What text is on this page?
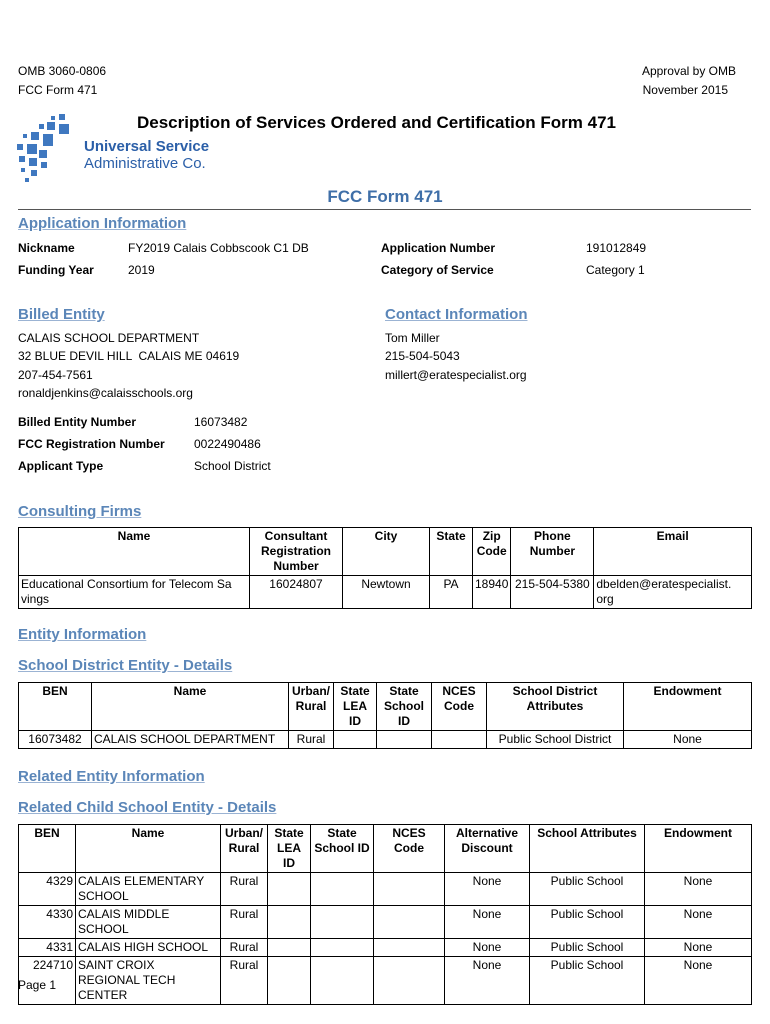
OMB 3060-0806
FCC Form 471
Approval by OMB
November 2015
Universal Service
Administrative Co.
Description of Services Ordered and Certification Form 471
FCC Form 471
Application Information
Nickname	FY2019 Calais Cobbscook C1 DB
Funding Year	2019
Application Number	191012849
Category of Service	Category 1
Billed Entity
CALAIS SCHOOL DEPARTMENT
32 BLUE DEVIL HILL  CALAIS ME 04619
207-454-7561
ronaldjenkins@calaisschools.org
Billed Entity Number	16073482
FCC Registration Number 0022490486
Applicant Type	School District
Contact Information
Tom Miller
215-504-5043
millert@eratespecialist.org
Consulting Firms
Name	Consultant Registration Number	City	State	Zip Code	Phone Number	Email
Educational Consortium for Telecom Sa vings	16024807	Newtown	PA	18940	215-504-5380	dbelden@eratespecialist. org
Entity Information
School District Entity - Details
BEN	Name	Urban/ Rural	State LEA ID	State School ID	NCES Code	School District Attributes	Endowment
16073482	CALAIS SCHOOL DEPARTMENT	Rural				Public School District	None
Related Entity Information
Related Child School Entity - Details
BEN	Name	Urban/ Rural	State LEA ID	State School ID	NCES Code	Alternative Discount	School Attributes	Endowment
4329	CALAIS ELEMENTARY SCHOOL	Rural				None	Public School	None
4330	CALAIS MIDDLE SCHOOL	Rural				None	Public School	None
4331	CALAIS HIGH SCHOOL	Rural				None	Public School	None
224710	SAINT CROIX REGIONAL TECH CENTER	Rural				None	Public School	None
Page 1
